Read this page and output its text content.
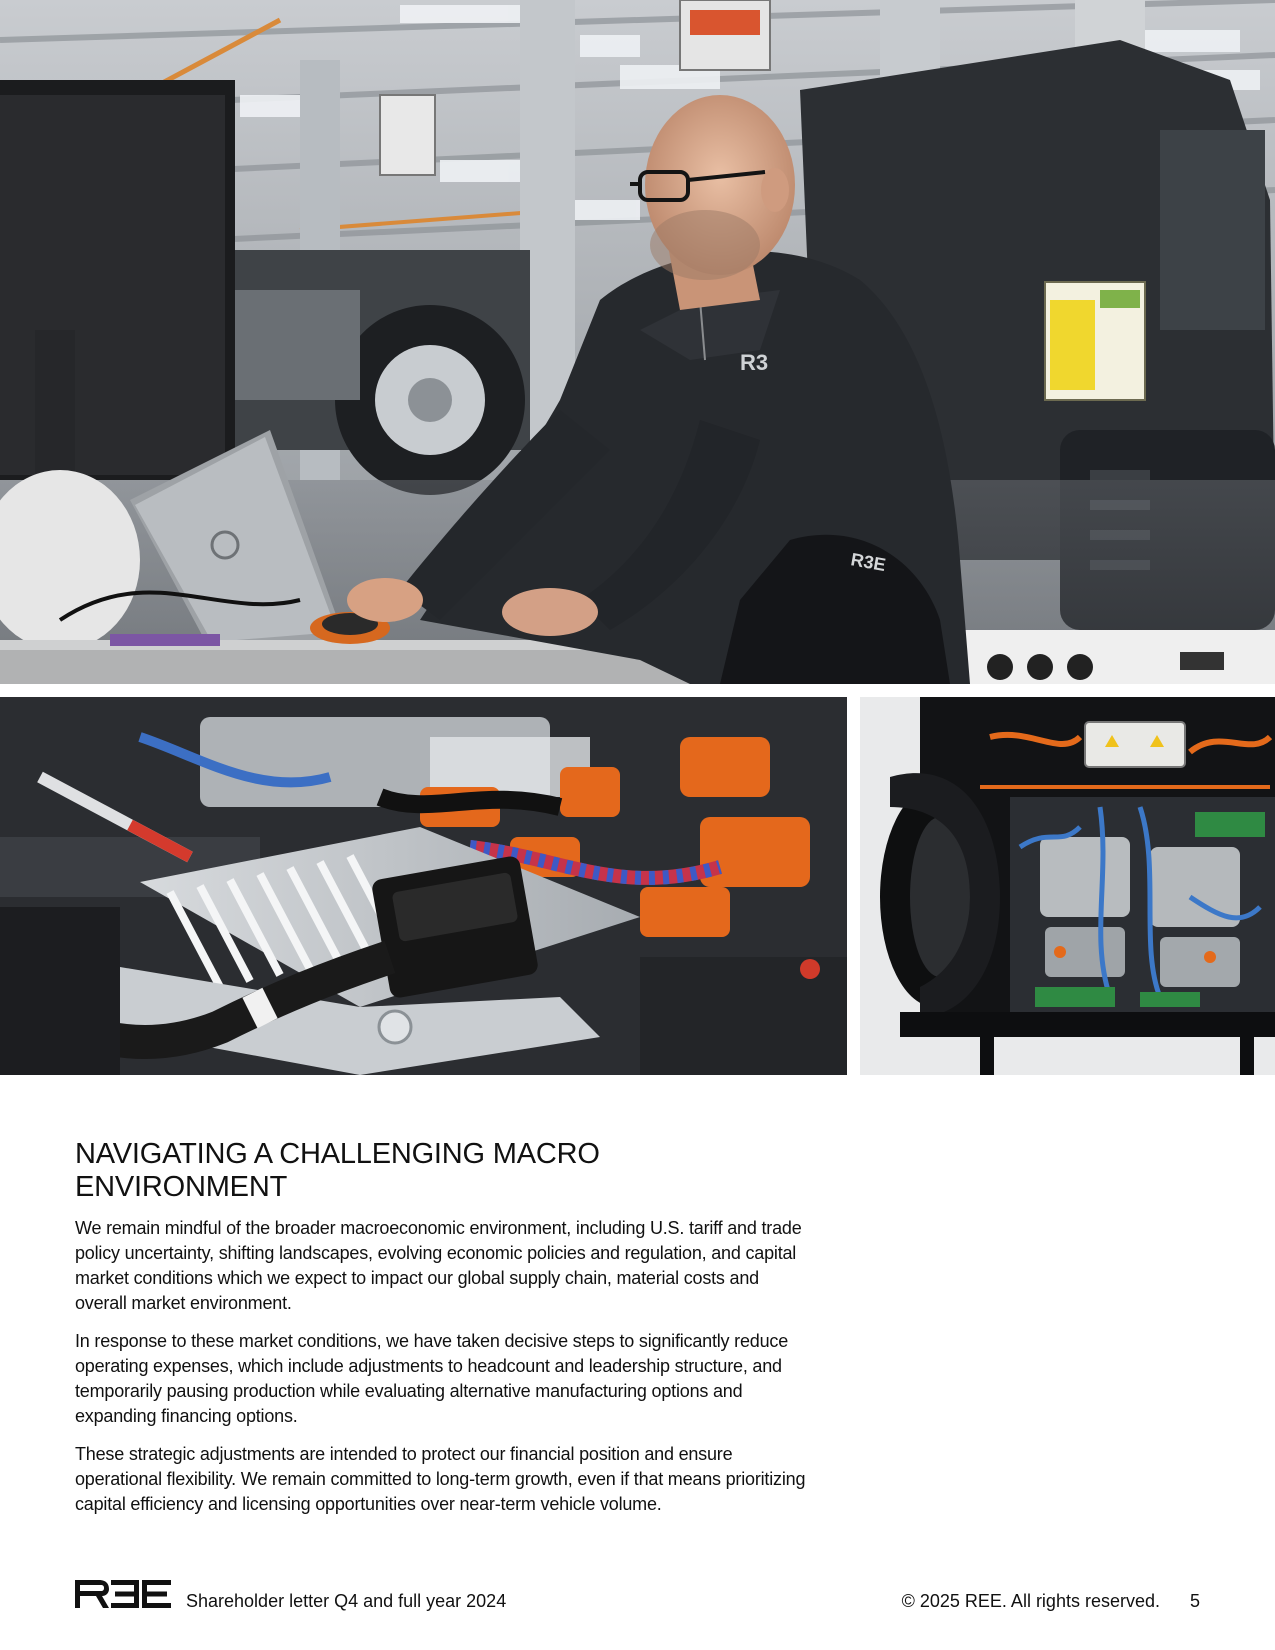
R3
R3E
NAVIGATING A CHALLENGING MACRO
ENVIRONMENT

We remain mindful of the broader macroeconomic environment, including U.S. tariff and trade policy uncertainty, shifting landscapes, evolving economic policies and regulation, and capital market conditions which we expect to impact our global supply chain, material costs and overall market environment.

In response to these market conditions, we have taken decisive steps to significantly reduce operating expenses, which include adjustments to headcount and leadership structure, and temporarily pausing production while evaluating alternative manufacturing options and expanding financing options.

These strategic adjustments are intended to protect our financial position and ensure operational flexibility. We remain committed to long-term growth, even if that means prioritizing capital efficiency and licensing opportunities over near-term vehicle volume.

Shareholder letter Q4 and full year 2024	© 2025 REE. All rights reserved. 5
